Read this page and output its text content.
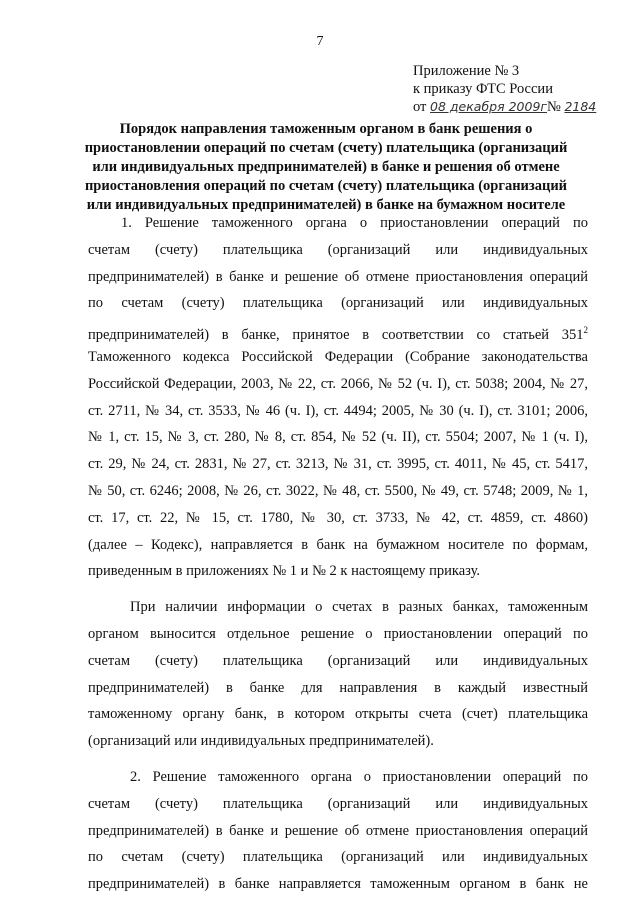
7
Приложение № 3
к приказу ФТС России
от 08 декабря 2009г№ 2184
Порядок направления таможенным органом в банк решения о
приостановлении операций по счетам (счету) плательщика (организаций
или индивидуальных предпринимателей) в банке и решения об отмене
приостановления операций по счетам (счету) плательщика (организаций
или индивидуальных предпринимателей) в банке на бумажном носителе
1. Решение таможенного органа о приостановлении операций по
счетам (счету) плательщика (организаций или индивидуальных
предпринимателей) в банке и решение об отмене приостановления операций
по счетам (счету) плательщика (организаций или индивидуальных
предпринимателей) в банке, принятое в соответствии со статьей $351^2$
Таможенного кодекса Российской Федерации (Собрание законодательства
Российской Федерации, 2003, № 22, ст. 2066, № 52 (ч. I), ст. 5038; 2004, № 27,
ст. 2711, № 34, ст. 3533, № 46 (ч. I), ст. 4494; 2005, № 30 (ч. I), ст. 3101; 2006,
№ 1, ст. 15, № 3, ст. 280, № 8, ст. 854, № 52 (ч. II), ст. 5504; 2007, № 1 (ч. I),
ст. 29, № 24, ст. 2831, № 27, ст. 3213, № 31, ст. 3995, ст. 4011, № 45, ст. 5417,
№ 50, ст. 6246; 2008, № 26, ст. 3022, № 48, ст. 5500, № 49, ст. 5748; 2009, № 1,
ст. 17, ст. 22, № 15, ст. 1780, № 30, ст. 3733, № 42, ст. 4859, ст. 4860)
(далее – Кодекс), направляется в банк на бумажном носителе по формам,
приведенным в приложениях № 1 и № 2 к настоящему приказу.
При наличии информации о счетах в разных банках, таможенным
органом выносится отдельное решение о приостановлении операций по
счетам (счету) плательщика (организаций или индивидуальных
предпринимателей) в банке для направления в каждый известный
таможенному органу банк, в котором открыты счета (счет) плательщика
(организаций или индивидуальных предпринимателей).
2. Решение таможенного органа о приостановлении операций по
счетам (счету) плательщика (организаций или индивидуальных
предпринимателей) в банке и решение об отмене приостановления операций
по счетам (счету) плательщика (организаций или индивидуальных
предпринимателей) в банке направляется таможенным органом в банк не
